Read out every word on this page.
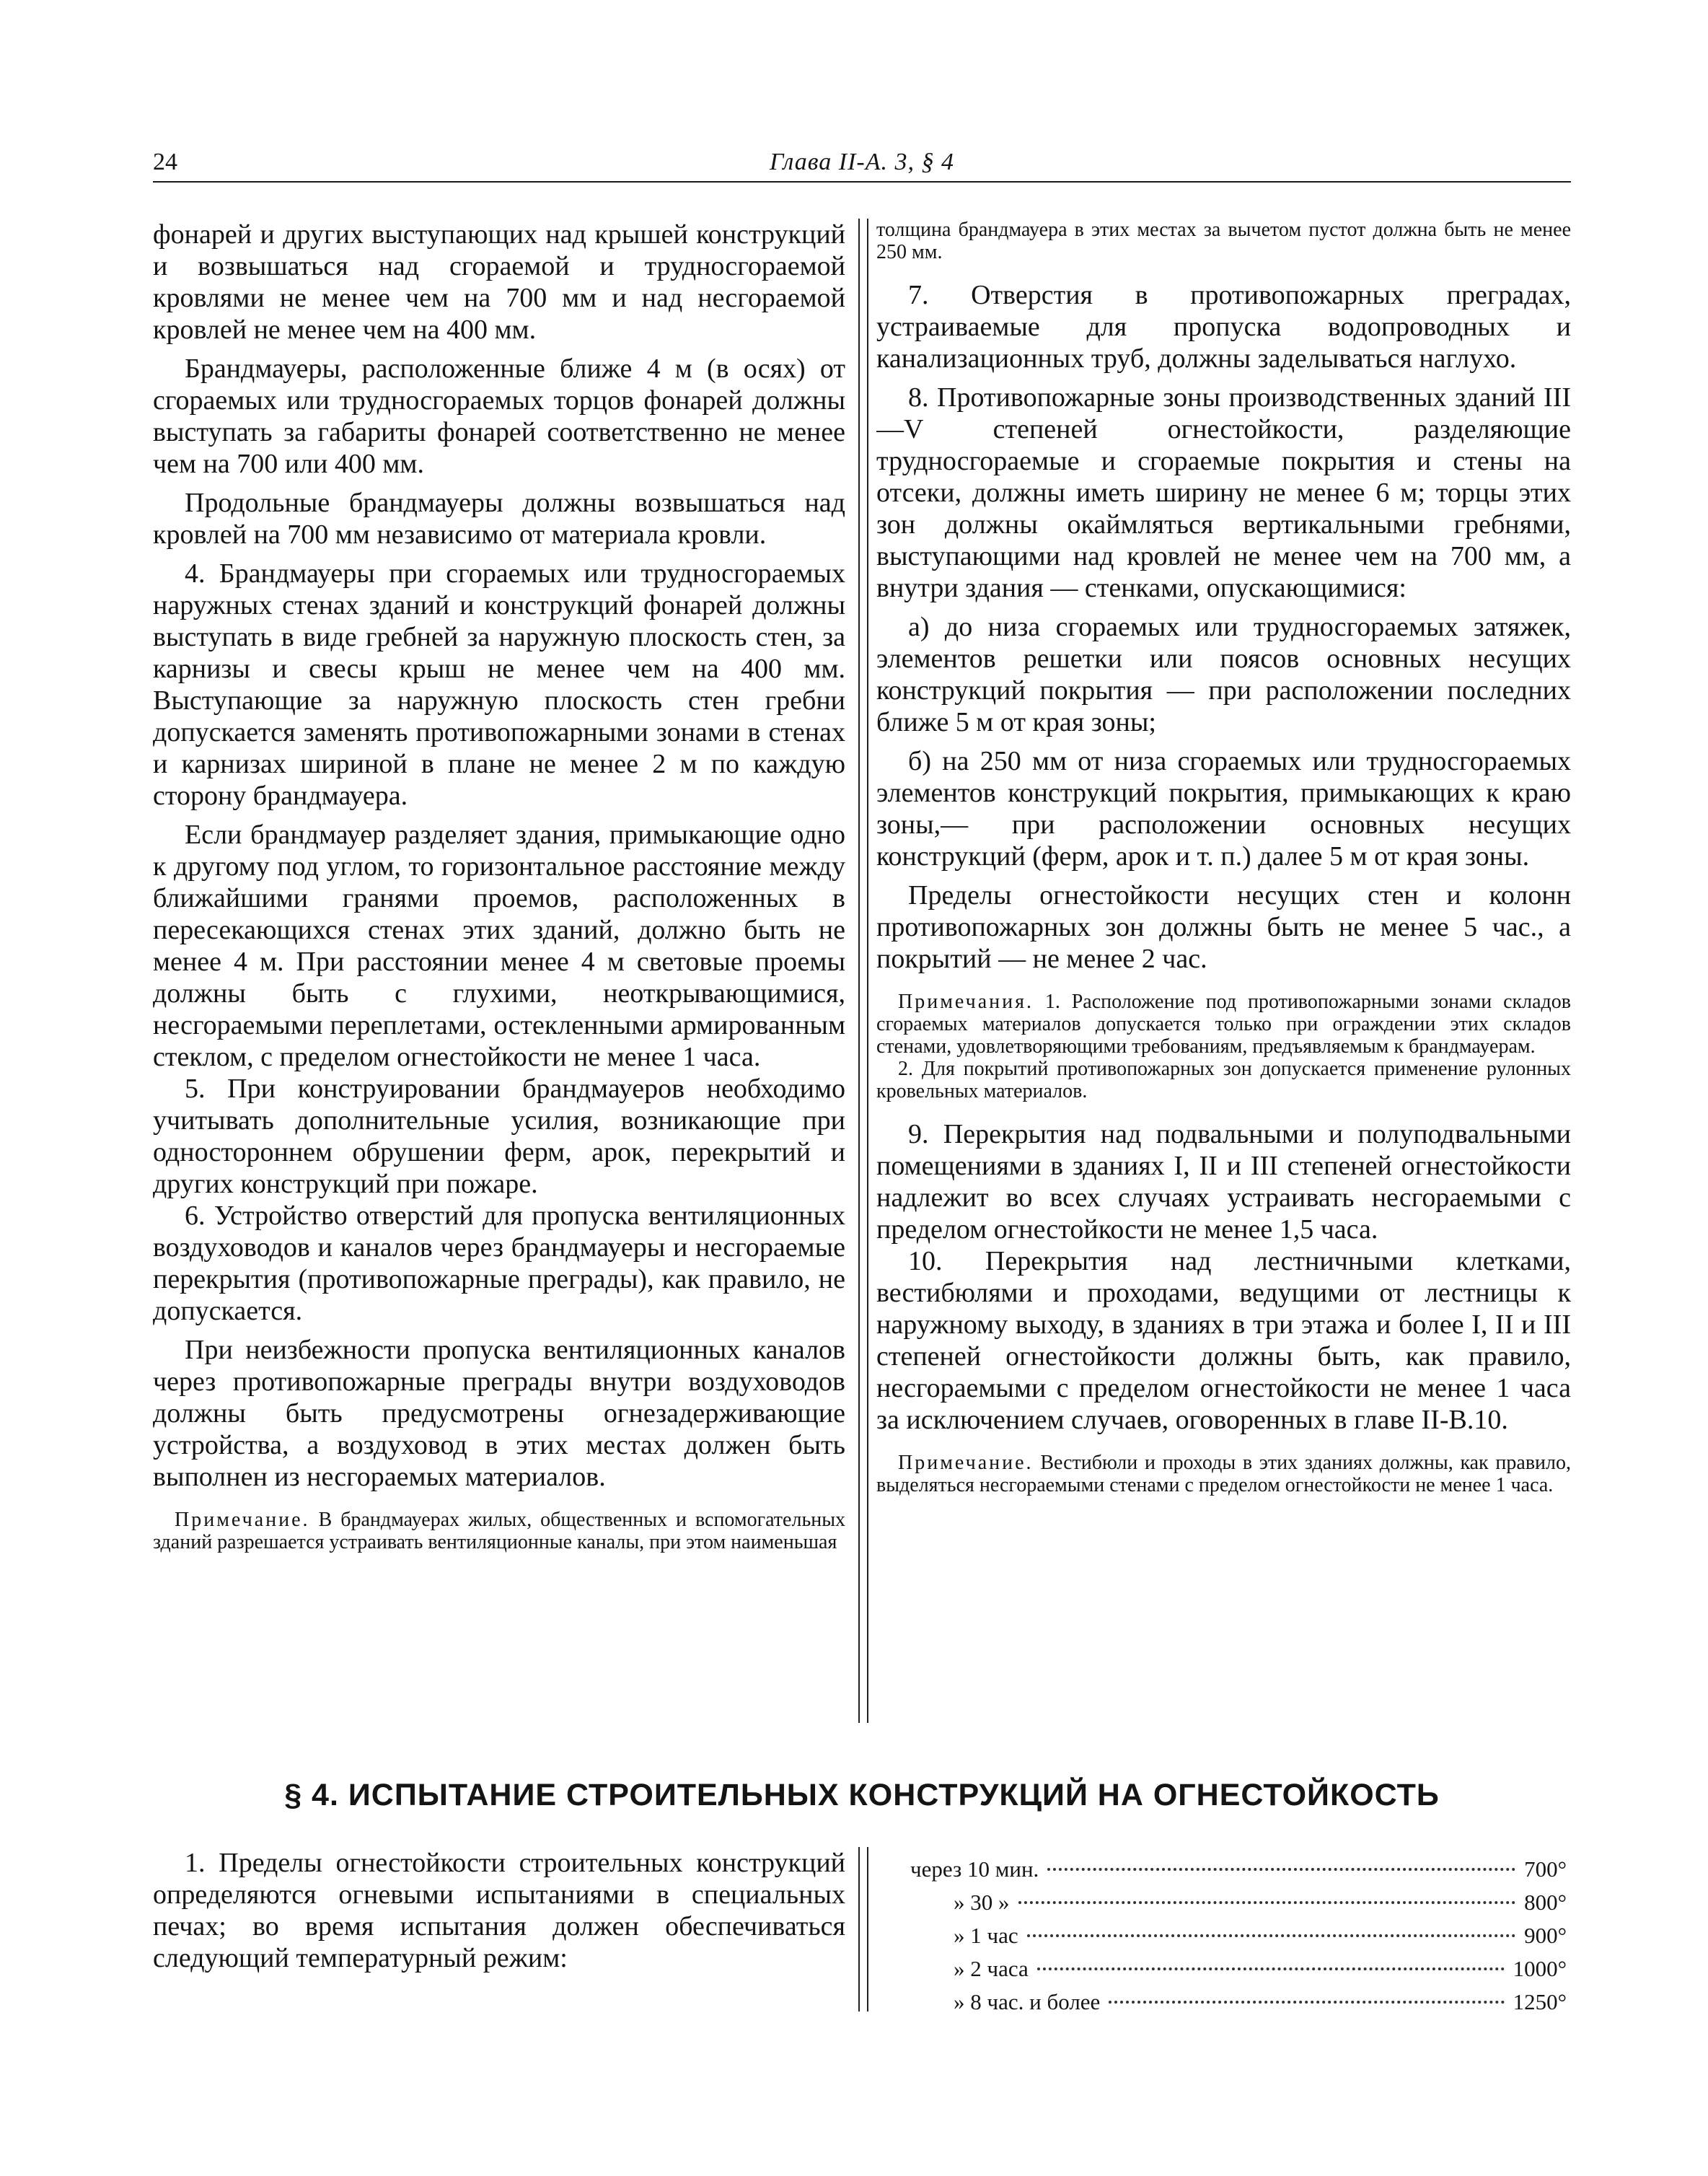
24	Глава II-А. 3, § 4

фонарей и других выступающих над крышей конструкций и возвышаться над сгораемой и трудносгораемой кровлями не менее чем на 700 мм и над несгораемой кровлей не менее чем на 400 мм.

Брандмауеры, расположенные ближе 4 м (в осях) от сгораемых или трудносгораемых торцов фонарей должны выступать за габариты фонарей соответственно не менее чем на 700 или 400 мм.

Продольные брандмауеры должны возвышаться над кровлей на 700 мм независимо от материала кровли.

4. Брандмауеры при сгораемых или трудносгораемых наружных стенах зданий и конструкций фонарей должны выступать в виде гребней за наружную плоскость стен, за карнизы и свесы крыш не менее чем на 400 мм. Выступающие за наружную плоскость стен гребни допускается заменять противопожарными зонами в стенах и карнизах шириной в плане не менее 2 м по каждую сторону брандмауера.

Если брандмауер разделяет здания, примыкающие одно к другому под углом, то горизонтальное расстояние между ближайшими гранями проемов, расположенных в пересекающихся стенах этих зданий, должно быть не менее 4 м. При расстоянии менее 4 м световые проемы должны быть с глухими, неоткрывающимися, несгораемыми переплетами, остекленными армированным стеклом, с пределом огнестойкости не менее 1 часа.

5. При конструировании брандмауеров необходимо учитывать дополнительные усилия, возникающие при одностороннем обрушении ферм, арок, перекрытий и других конструкций при пожаре.

6. Устройство отверстий для пропуска вентиляционных воздуховодов и каналов через брандмауеры и несгораемые перекрытия (противопожарные преграды), как правило, не допускается.

При неизбежности пропуска вентиляционных каналов через противопожарные преграды внутри воздуховодов должны быть предусмотрены огнезадерживающие устройства, а воздуховод в этих местах должен быть выполнен из несгораемых материалов.

Примечание. В брандмауерах жилых, общественных и вспомогательных зданий разрешается устраивать вентиляционные каналы, при этом наименьшая

толщина брандмауера в этих местах за вычетом пустот должна быть не менее 250 мм.

7. Отверстия в противопожарных преградах, устраиваемые для пропуска водопроводных и канализационных труб, должны заделываться наглухо.

8. Противопожарные зоны производственных зданий III—V степеней огнестойкости, разделяющие трудносгораемые и сгораемые покрытия и стены на отсеки, должны иметь ширину не менее 6 м; торцы этих зон должны окаймляться вертикальными гребнями, выступающими над кровлей не менее чем на 700 мм, а внутри здания — стенками, опускающимися:

а) до низа сгораемых или трудносгораемых затяжек, элементов решетки или поясов основных несущих конструкций покрытия — при расположении последних ближе 5 м от края зоны;

б) на 250 мм от низа сгораемых или трудносгораемых элементов конструкций покрытия, примыкающих к краю зоны,— при расположении основных несущих конструкций (ферм, арок и т. п.) далее 5 м от края зоны.

Пределы огнестойкости несущих стен и колонн противопожарных зон должны быть не менее 5 час., а покрытий — не менее 2 час.

Примечания. 1. Расположение под противопожарными зонами складов сгораемых материалов допускается только при ограждении этих складов стенами, удовлетворяющими требованиям, предъявляемым к брандмауерам.

2. Для покрытий противопожарных зон допускается применение рулонных кровельных материалов.

9. Перекрытия над подвальными и полуподвальными помещениями в зданиях I, II и III степеней огнестойкости надлежит во всех случаях устраивать несгораемыми с пределом огнестойкости не менее 1,5 часа.

10. Перекрытия над лестничными клетками, вестибюлями и проходами, ведущими от лестницы к наружному выходу, в зданиях в три этажа и более I, II и III степеней огнестойкости должны быть, как правило, несгораемыми с пределом огнестойкости не менее 1 часа за исключением случаев, оговоренных в главе II-B.10.

Примечание. Вестибюли и проходы в этих зданиях должны, как правило, выделяться несгораемыми стенами с пределом огнестойкости не менее 1 часа.

§ 4. ИСПЫТАНИЕ СТРОИТЕЛЬНЫХ КОНСТРУКЦИЙ НА ОГНЕСТОЙКОСТЬ

1. Пределы огнестойкости строительных конструкций определяются огневыми испытаниями в специальных печах; во время испытания должен обеспечиваться следующий температурный режим:

через 10 мин.	700°
» 30 »	800°
» 1 час	900°
» 2 часа	1000°
» 8 час. и более	1250°
